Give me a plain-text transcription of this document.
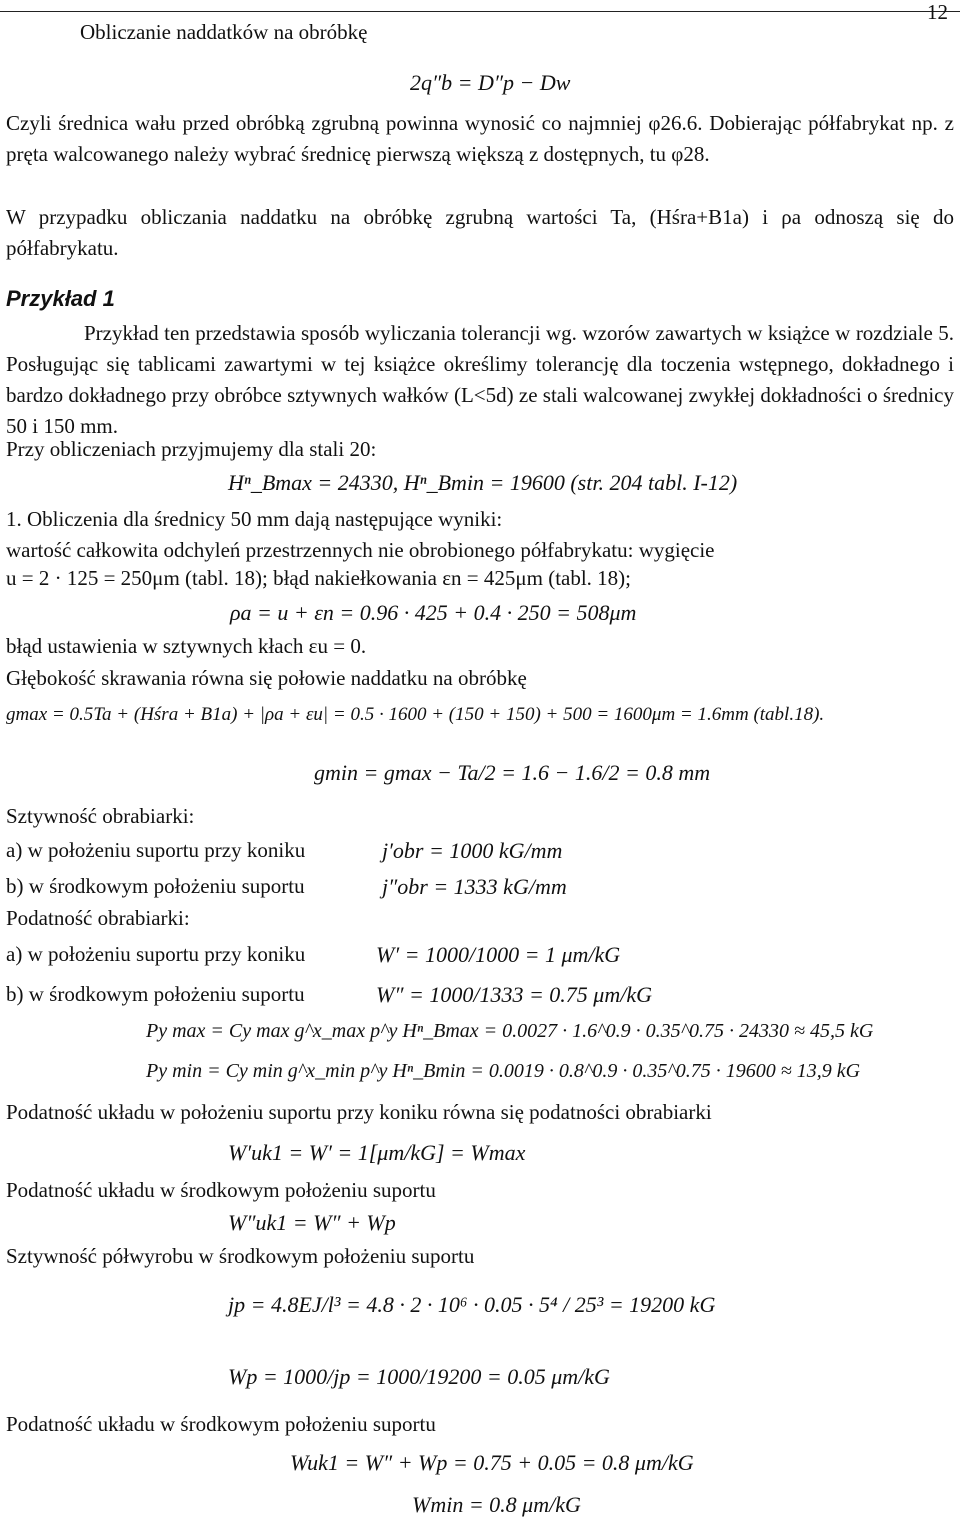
Obliczanie naddatków na obróbkę
12
2q″b = D″p − Dw
Czyli średnica wału przed obróbką zgrubną powinna wynosić co najmniej φ26.6. Dobierając półfabrykat np. z pręta walcowanego należy wybrać średnicę pierwszą większą z dostępnych, tu φ28.
W przypadku obliczania naddatku na obróbkę zgrubną wartości Ta, (Hśra+B1a) i ρa odnoszą się do półfabrykatu.
Przykład 1
Przykład ten przedstawia sposób wyliczania tolerancji wg. wzorów zawartych w książce w rozdziale 5. Posługując się tablicami zawartymi w tej książce określimy tolerancję dla toczenia wstępnego, dokładnego i bardzo dokładnego przy obróbce sztywnych wałków (L<5d) ze stali walcowanej zwykłej dokładności o średnicy 50 i 150 mm.
Przy obliczeniach przyjmujemy dla stali 20:
Hⁿ_Bmax = 24330, Hⁿ_Bmin = 19600 (str. 204 tabl. I-12)
1. Obliczenia dla średnicy 50 mm dają następujące wyniki:
wartość całkowita odchyleń przestrzennych nie obrobionego półfabrykatu: wygięcie
u = 2 · 125 = 250μm (tabl. 18); błąd nakiełkowania εn = 425μm (tabl. 18);
ρa = u + εn = 0.96 · 425 + 0.4 · 250 = 508μm
błąd ustawienia w sztywnych kłach εu = 0.
Głębokość skrawania równa się połowie naddatku na obróbkę
gmax = 0.5Ta + (Hśra + B1a) + |ρa + εu| = 0.5 · 1600 + (150 + 150) + 500 = 1600μm = 1.6mm (tabl.18).
gmin = gmax − Ta/2 = 1.6 − 1.6/2 = 0.8 mm
Sztywność obrabiarki:
a) w położeniu suportu przy koniku	j′obr = 1000 kG/mm
b) w środkowym położeniu suportu	j″obr = 1333 kG/mm
Podatność obrabiarki:
a) w położeniu suportu przy koniku	W′ = 1000/1000 = 1 μm/kG
b) w środkowym położeniu suportu	W″ = 1000/1333 = 0.75 μm/kG
Py max = Cy max g^x_max p^y Hⁿ_Bmax = 0.0027 · 1.6^0.9 · 0.35^0.75 · 24330 ≈ 45,5 kG
Py min = Cy min g^x_min p^y Hⁿ_Bmin = 0.0019 · 0.8^0.9 · 0.35^0.75 · 19600 ≈ 13,9 kG
Podatność układu w położeniu suportu przy koniku równa się podatności obrabiarki
W′uk1 = W′ = 1[μm/kG] = Wmax
Podatność układu w środkowym położeniu suportu
W″uk1 = W″ + Wp
Sztywność półwyrobu w środkowym położeniu suportu
jp = 4.8EJ/l³ = 4.8 · 2 · 10⁶ · 0.05 · 5⁴ / 25³ = 19200 kG
Wp = 1000/jp = 1000/19200 = 0.05 μm/kG
Podatność układu w środkowym położeniu suportu
Wuk1 = W″ + Wp = 0.75 + 0.05 = 0.8 μm/kG
Wmin = 0.8 μm/kG
